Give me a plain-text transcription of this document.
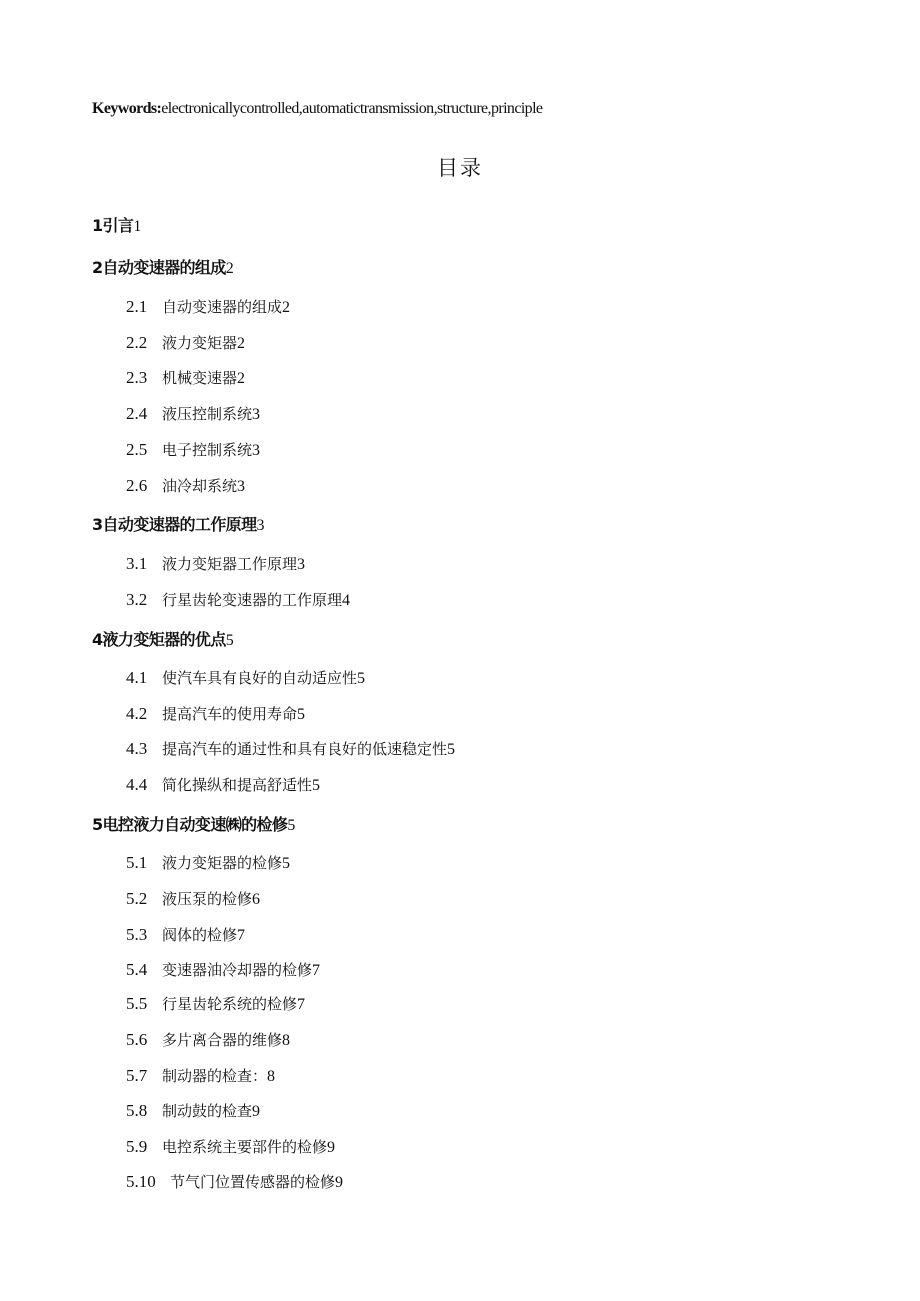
Keywords:electronicallycontrolled,automatictransmission,structure,principle
目录
1引言1
2自动变速器的组成2
2.1 自动变速器的组成2
2.2 液力变矩器2
2.3 机械变速器2
2.4 液压控制系统3
2.5 电子控制系统3
2.6 油冷却系统3
3自动变速器的工作原理3
3.1 液力变矩器工作原理3
3.2 行星齿轮变速器的工作原理4
4液力变矩器的优点5
4.1 使汽车具有良好的自动适应性5
4.2 提高汽车的使用寿命5
4.3 提高汽车的通过性和具有良好的低速稳定性5
4.4 简化操纵和提高舒适性5
5电控液力自动变速㈱的检修5
5.1 液力变矩器的检修5
5.2 液压泵的检修6
5.3 阀体的检修7
5.4 变速器油冷却器的检修7
5.5 行星齿轮系统的检修7
5.6 多片离合器的维修8
5.7 制动器的检查：8
5.8 制动鼓的检查9
5.9 电控系统主要部件的检修9
5.10 节气门位置传感器的检修9
